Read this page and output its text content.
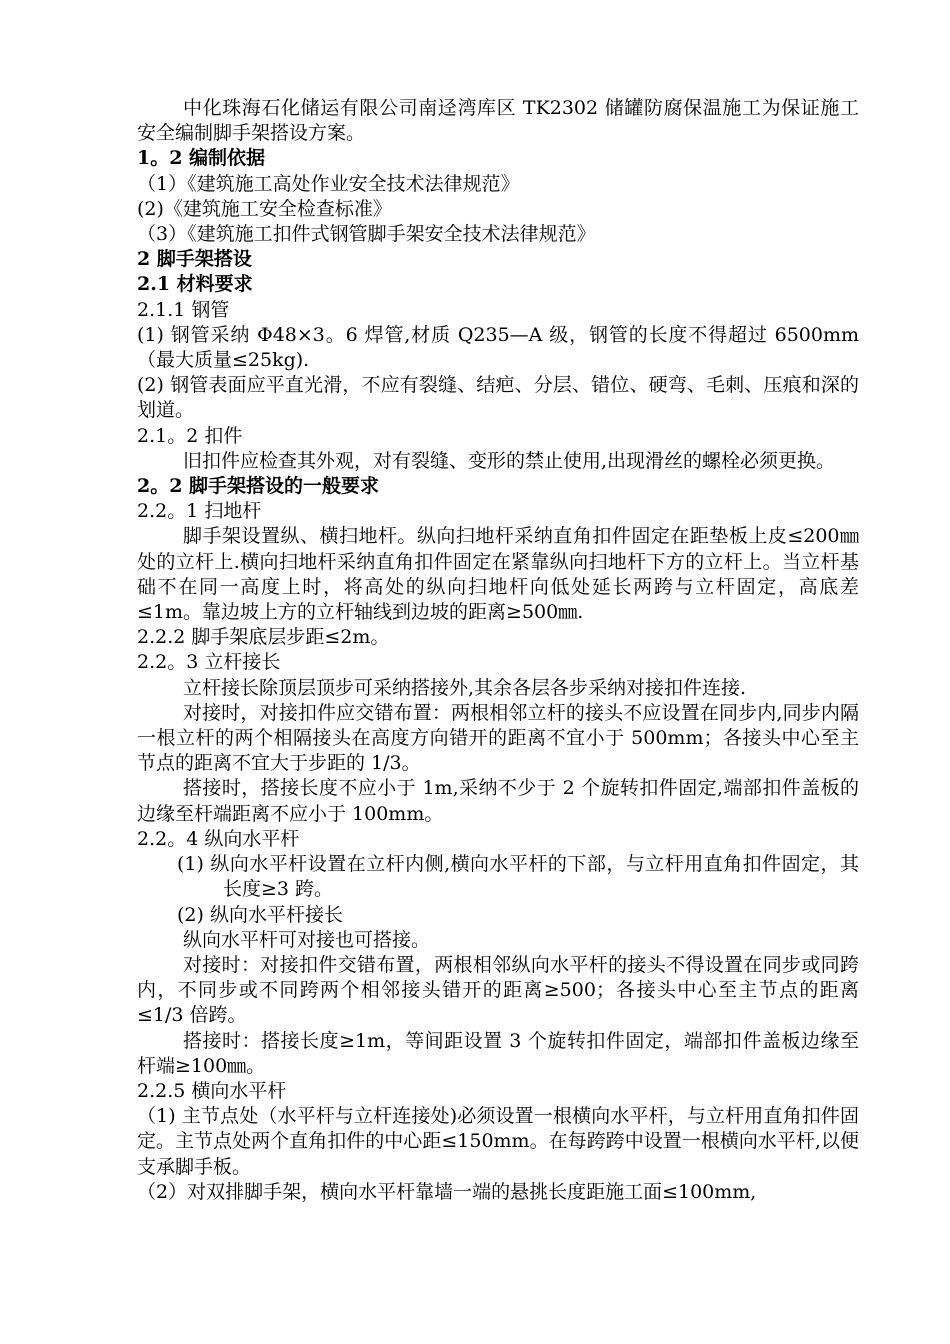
中化珠海石化储运有限公司南迳湾库区 TK2302 储罐防腐保温施工为保证施工安全编制脚手架搭设方案。

1。2 编制依据

（1）《建筑施工高处作业安全技术法律规范》

(2)《建筑施工安全检查标准》

（3）《建筑施工扣件式钢管脚手架安全技术法律规范》

2 脚手架搭设

2.1 材料要求

2.1.1 钢管

(1) 钢管采纳 Φ48×3。6 焊管,材质 Q235—A 级，钢管的长度不得超过 6500mm（最大质量≤25kg).

(2) 钢管表面应平直光滑，不应有裂缝、结疤、分层、错位、硬弯、毛刺、压痕和深的划道。

2.1。2 扣件

旧扣件应检查其外观，对有裂缝、变形的禁止使用,出现滑丝的螺栓必须更换。

2。2 脚手架搭设的一般要求

2.2。1 扫地杆

脚手架设置纵、横扫地杆。纵向扫地杆采纳直角扣件固定在距垫板上皮≤200㎜处的立杆上.横向扫地杆采纳直角扣件固定在紧靠纵向扫地杆下方的立杆上。当立杆基础不在同一高度上时，将高处的纵向扫地杆向低处延长两跨与立杆固定，高底差≤1m。靠边坡上方的立杆轴线到边坡的距离≥500㎜.

2.2.2 脚手架底层步距≤2m。

2.2。3 立杆接长

立杆接长除顶层顶步可采纳搭接外,其余各层各步采纳对接扣件连接.

对接时，对接扣件应交错布置：两根相邻立杆的接头不应设置在同步内,同步内隔一根立杆的两个相隔接头在高度方向错开的距离不宜小于 500mm；各接头中心至主节点的距离不宜大于步距的 1/3。

搭接时，搭接长度不应小于 1m,采纳不少于 2 个旋转扣件固定,端部扣件盖板的边缘至杆端距离不应小于 100mm。

2.2。4 纵向水平杆

(1) 纵向水平杆设置在立杆内侧,横向水平杆的下部，与立杆用直角扣件固定，其长度≥3 跨。

(2) 纵向水平杆接长

纵向水平杆可对接也可搭接。

对接时：对接扣件交错布置，两根相邻纵向水平杆的接头不得设置在同步或同跨内，不同步或不同跨两个相邻接头错开的距离≥500；各接头中心至主节点的距离≤1/3 倍跨。

搭接时：搭接长度≥1m，等间距设置 3 个旋转扣件固定，端部扣件盖板边缘至杆端≥100㎜。

2.2.5 横向水平杆

（1) 主节点处（水平杆与立杆连接处)必须设置一根横向水平杆，与立杆用直角扣件固定。主节点处两个直角扣件的中心距≤150mm。在每跨跨中设置一根横向水平杆,以便支承脚手板。

（2）对双排脚手架，横向水平杆靠墙一端的悬挑长度距施工面≤100mm,
